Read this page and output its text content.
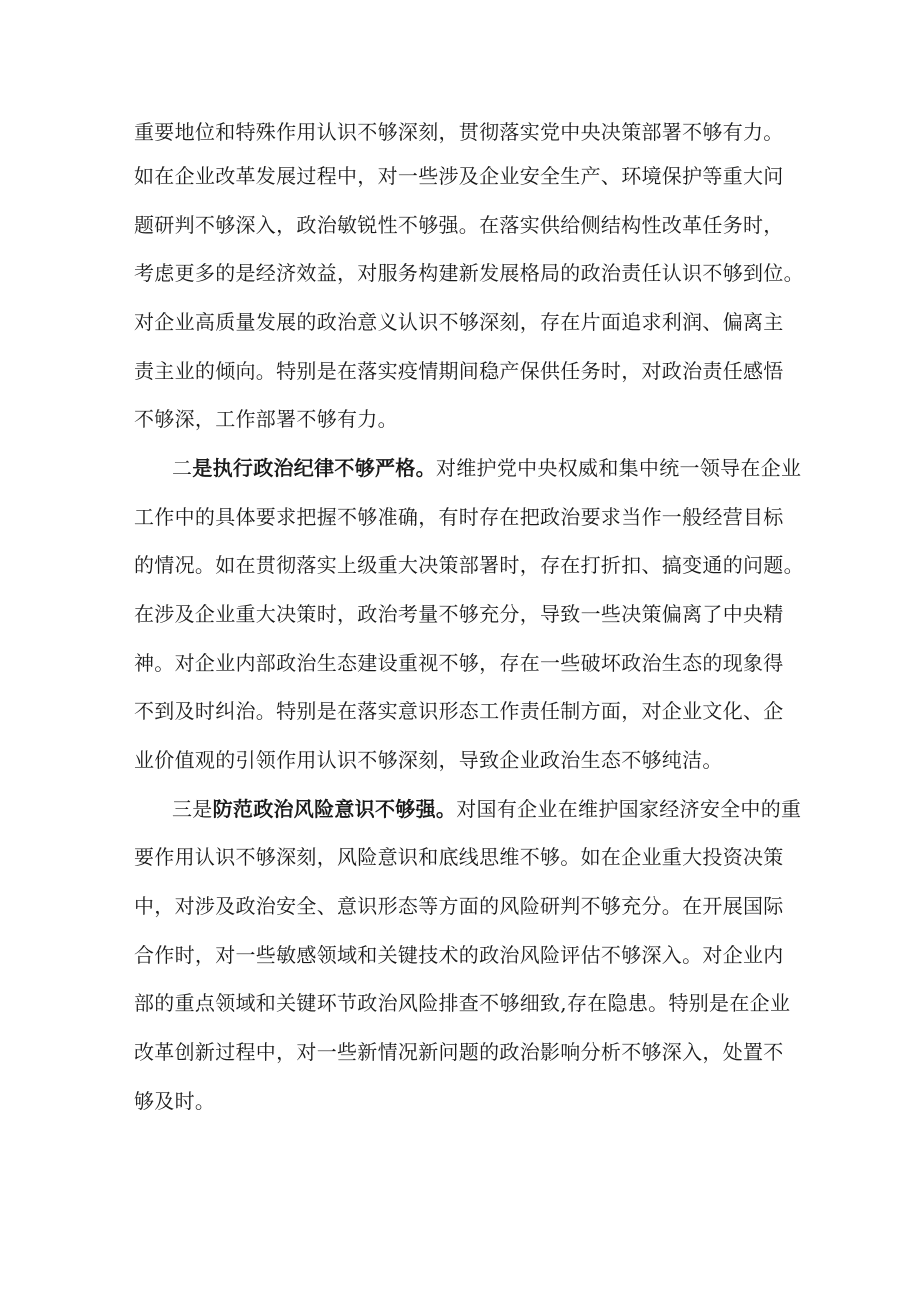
重要地位和特殊作用认识不够深刻，贯彻落实党中央决策部署不够有力。
如在企业改革发展过程中，对一些涉及企业安全生产、环境保护等重大问
题研判不够深入，政治敏锐性不够强。在落实供给侧结构性改革任务时，
考虑更多的是经济效益，对服务构建新发展格局的政治责任认识不够到位。
对企业高质量发展的政治意义认识不够深刻，存在片面追求利润、偏离主
责主业的倾向。特别是在落实疫情期间稳产保供任务时，对政治责任感悟
不够深，工作部署不够有力。
二是执行政治纪律不够严格。对维护党中央权威和集中统一领导在企业
工作中的具体要求把握不够准确，有时存在把政治要求当作一般经营目标
的情况。如在贯彻落实上级重大决策部署时，存在打折扣、搞变通的问题。
在涉及企业重大决策时，政治考量不够充分，导致一些决策偏离了中央精
神。对企业内部政治生态建设重视不够，存在一些破坏政治生态的现象得
不到及时纠治。特别是在落实意识形态工作责任制方面，对企业文化、企
业价值观的引领作用认识不够深刻，导致企业政治生态不够纯洁。
三是防范政治风险意识不够强。对国有企业在维护国家经济安全中的重
要作用认识不够深刻，风险意识和底线思维不够。如在企业重大投资决策
中，对涉及政治安全、意识形态等方面的风险研判不够充分。在开展国际
合作时，对一些敏感领域和关键技术的政治风险评估不够深入。对企业内
部的重点领域和关键环节政治风险排查不够细致,存在隐患。特别是在企业
改革创新过程中，对一些新情况新问题的政治影响分析不够深入，处置不
够及时。
